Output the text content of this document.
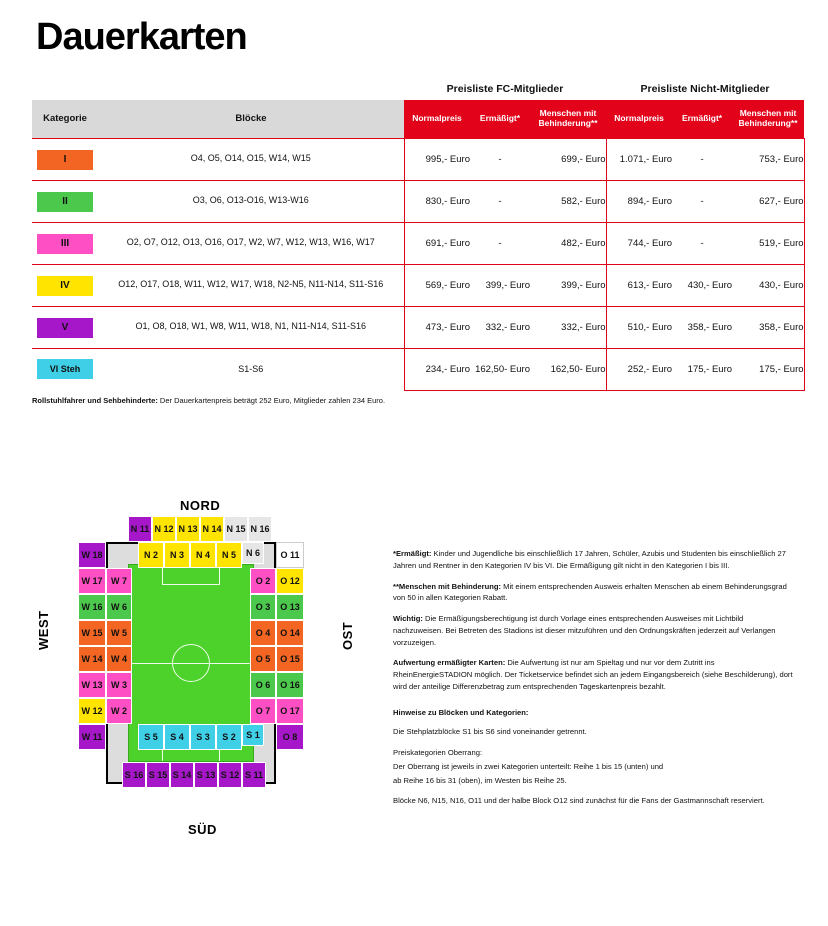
Dauerkarten
		Preisliste FC-Mitglieder			Preisliste Nicht-Mitglieder		
Kategorie	Blöcke	Normalpreis	Ermäßigt*	Menschen mit Behinderung**	Normalpreis	Ermäßigt*	Menschen mit Behinderung**
I	O4, O5, O14, O15, W14, W15	995,- Euro	-	699,- Euro	1.071,- Euro	-	753,- Euro
II	O3, O6, O13-O16, W13-W16	830,- Euro	-	582,- Euro	894,- Euro	-	627,- Euro
III	O2, O7, O12, O13, O16, O17, W2, W7, W12, W13, W16, W17	691,- Euro	-	482,- Euro	744,- Euro	-	519,- Euro
IV	O12, O17, O18, W11, W12, W17, W18, N2-N5, N11-N14, S11-S16	569,- Euro	399,- Euro	399,- Euro	613,- Euro	430,- Euro	430,- Euro
V	O1, O8, O18, W1, W8, W11, W18, N1, N11-N14, S11-S16	473,- Euro	332,- Euro	332,- Euro	510,- Euro	358,- Euro	358,- Euro
VI Steh	S1-S6	234,- Euro	162,50- Euro	162,50- Euro	252,- Euro	175,- Euro	175,- Euro
Rollstuhlfahrer und Sehbehinderte: Der Dauerkartenpreis beträgt 252 Euro, Mitglieder zahlen 234 Euro.
NORD
SÜD
WEST	OST
N 11 N 12 N 13 N 14 N 15 N 16
W 18	N 2 N 3 N 4 N 5 N 6 O 11
W 17 W 7	O 2 O 12
W 16 W 6	O 3 O 13
W 15 W 5	O 4 O 14
W 14 W 4	O 5 O 15
W 13 W 3	O 6 O 16
W 12 W 2	O 7 O 17
W 11	S 5 S 4 S 3 S 2 S 1	O 8
S 16 S 15 S 14 S 13 S 12 S 11

*Ermäßigt: Kinder und Jugendliche bis einschließlich 17 Jahren, Schüler, Azubis und Studenten bis einschließlich 27 Jahren und Rentner in den Kategorien IV bis VI. Die Ermäßigung gilt nicht in den Kategorien I bis III.

**Menschen mit Behinderung: Mit einem entsprechenden Ausweis erhalten Menschen ab einem Behinderungsgrad von 50 in allen Kategorien Rabatt.

Wichtig: Die Ermäßigungsberechtigung ist durch Vorlage eines entsprechenden Ausweises mit Lichtbild nachzuweisen. Bei Betreten des Stadions ist dieser mitzuführen und den Ordnungskräften jederzeit auf Verlangen vorzuzeigen.

Aufwertung ermäßigter Karten: Die Aufwertung ist nur am Spieltag und nur vor dem Zutritt ins RheinEnergieSTADION möglich. Der Ticketservice befindet sich an jedem Eingangsbereich (siehe Beschilderung), dort wird der anteilige Differenzbetrag zum entsprechenden Tageskartenpreis bezahlt.

Hinweise zu Blöcken und Kategorien:

Die Stehplatzblöcke S1 bis S6 sind voneinander getrennt.

Preiskategorien Oberrang:

Der Oberrang ist jeweils in zwei Kategorien unterteilt: Reihe 1 bis 15 (unten) und

ab Reihe 16 bis 31 (oben), im Westen bis Reihe 25.

Blöcke N6, N15, N16, O11 und der halbe Block O12 sind zunächst für die Fans der Gastmannschaft reserviert.
